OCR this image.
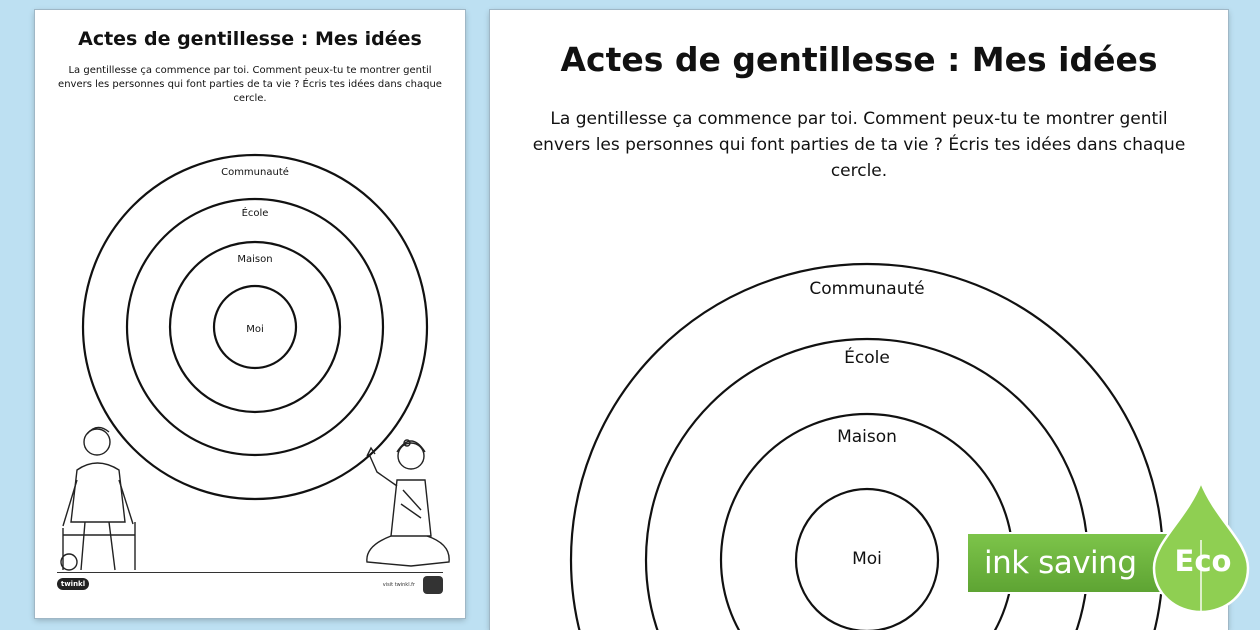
Actes de gentillesse : Mes idées
La gentillesse ça commence par toi. Comment peux-tu te montrer gentil envers les personnes qui font parties de ta vie ? Écris tes idées dans chaque cercle.
Communauté
École
Maison
Moi
twinkl	visit twinkl.fr
Actes de gentillesse : Mes idées
La gentillesse ça commence par toi. Comment peux-tu te montrer gentil envers les personnes qui font parties de ta vie ? Écris tes idées dans chaque cercle.
Communauté
École
Maison
Moi	ink saving	Eco
